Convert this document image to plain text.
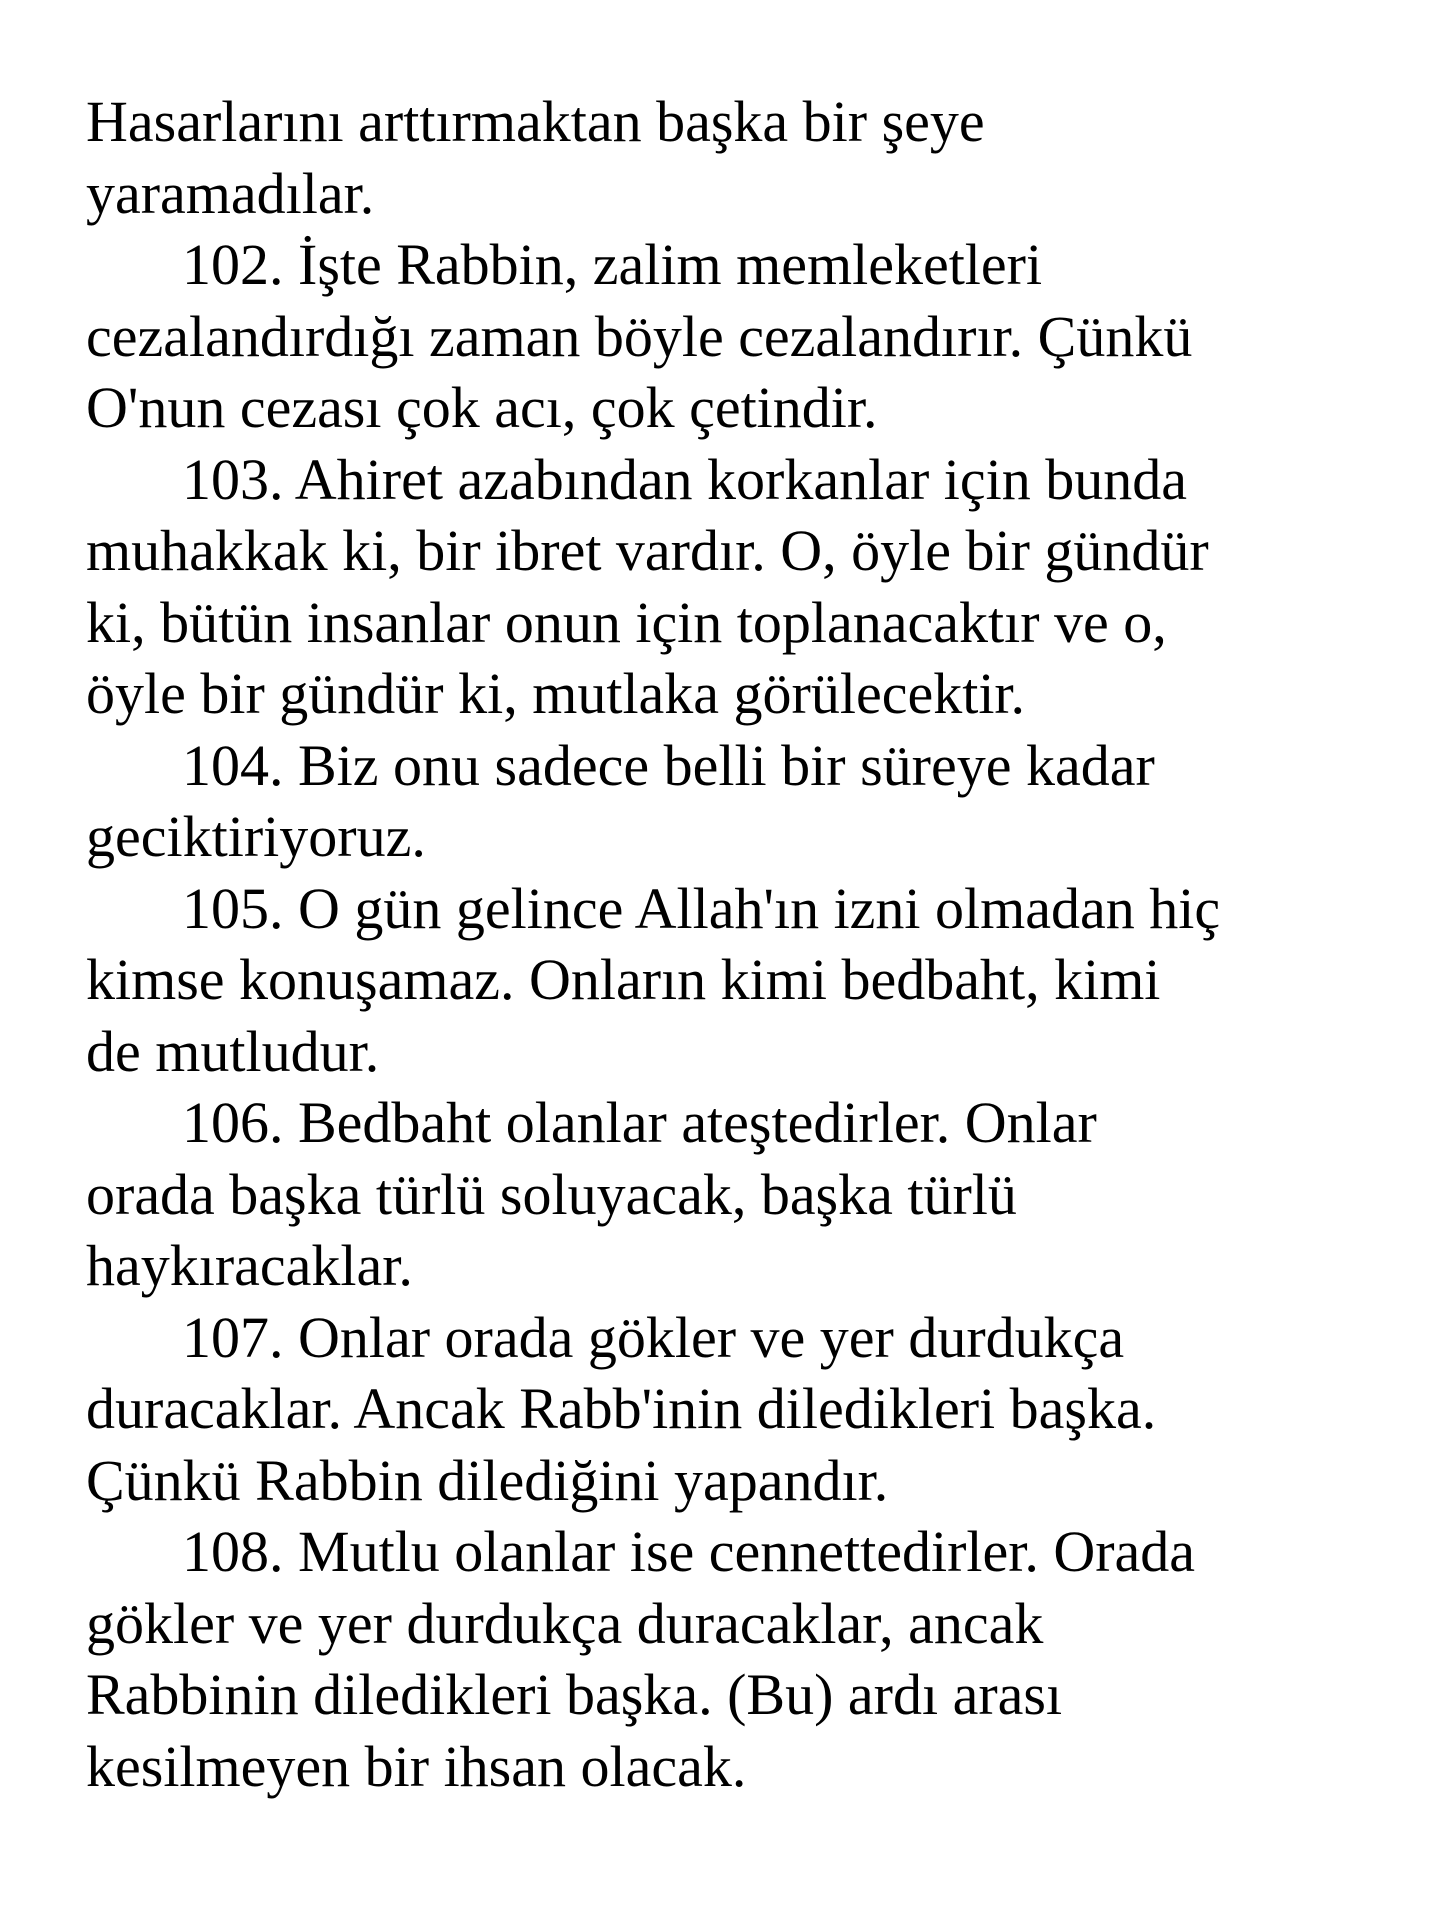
Hasarlarını arttırmaktan başka bir şeye
yaramadılar.
102. İşte Rabbin, zalim memleketleri
cezalandırdığı zaman böyle cezalandırır. Çünkü
O'nun cezası çok acı, çok çetindir.
103. Ahiret azabından korkanlar için bunda
muhakkak ki, bir ibret vardır. O, öyle bir gündür
ki, bütün insanlar onun için toplanacaktır ve o,
öyle bir gündür ki, mutlaka görülecektir.
104. Biz onu sadece belli bir süreye kadar
geciktiriyoruz.
105. O gün gelince Allah'ın izni olmadan hiç
kimse konuşamaz. Onların kimi bedbaht, kimi
de mutludur.
106. Bedbaht olanlar ateştedirler. Onlar
orada başka türlü soluyacak, başka türlü
haykıracaklar.
107. Onlar orada gökler ve yer durdukça
duracaklar. Ancak Rabb'inin diledikleri başka.
Çünkü Rabbin dilediğini yapandır.
108. Mutlu olanlar ise cennettedirler. Orada
gökler ve yer durdukça duracaklar, ancak
Rabbinin diledikleri başka. (Bu) ardı arası
kesilmeyen bir ihsan olacak.
